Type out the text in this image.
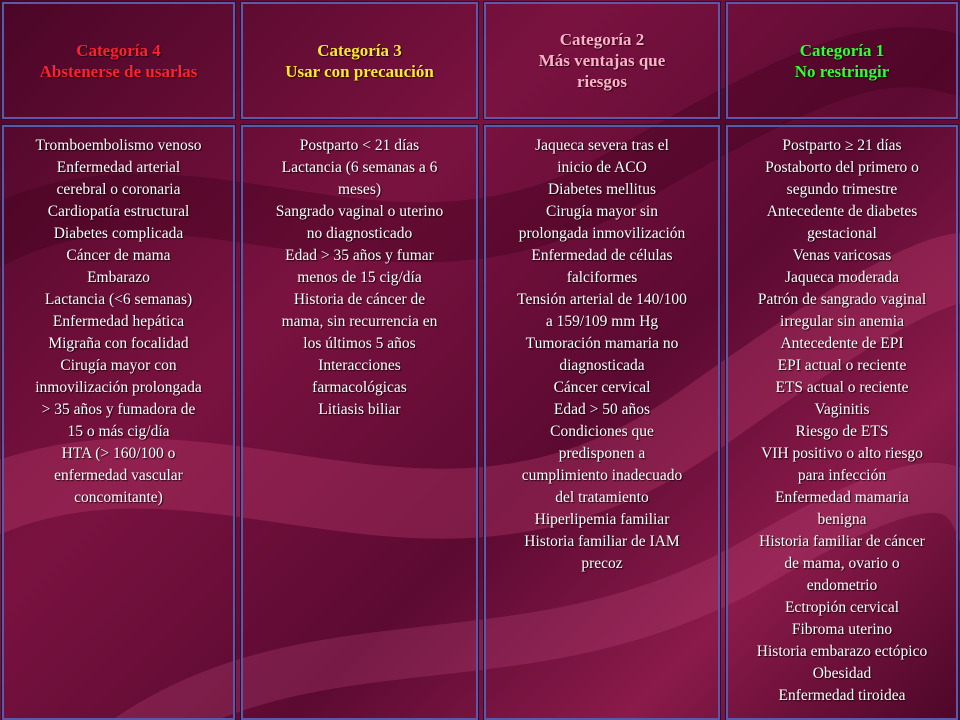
Categoría 4
Abstenerse de usarlas
Categoría 3
Usar con precaución
Categoría 2
Más ventajas que
riesgos
Categoría 1
No restringir
Tromboembolismo venoso
Enfermedad arterial
cerebral o coronaria
Cardiopatía estructural
Diabetes complicada
Cáncer de mama
Embarazo
Lactancia (<6 semanas)
Enfermedad hepática
Migraña con focalidad
Cirugía mayor con
inmovilización prolongada
> 35 años y fumadora de
15 o más cig/día
HTA (> 160/100 o
enfermedad vascular
concomitante)
Postparto < 21 días
Lactancia (6 semanas a 6
meses)
Sangrado vaginal o uterino
no diagnosticado
Edad > 35 años y fumar
menos de 15 cig/día
Historia de cáncer de
mama, sin recurrencia en
los últimos 5 años
Interacciones
farmacológicas
Litiasis biliar
Jaqueca severa tras el
inicio de ACO
Diabetes mellitus
Cirugía mayor sin
prolongada inmovilización
Enfermedad de células
falciformes
Tensión arterial de 140/100
a 159/109 mm Hg
Tumoración mamaria no
diagnosticada
Cáncer cervical
Edad > 50 años
Condiciones que
predisponen a
cumplimiento inadecuado
del tratamiento
Hiperlipemia familiar
Historia familiar de IAM
precoz
Postparto ≥ 21 días
Postaborto del primero o
segundo trimestre
Antecedente de diabetes
gestacional
Venas varicosas
Jaqueca moderada
Patrón de sangrado vaginal
irregular sin anemia
Antecedente de EPI
EPI actual o reciente
ETS actual o reciente
Vaginitis
Riesgo de ETS
VIH positivo o alto riesgo
para infección
Enfermedad mamaria
benigna
Historia familiar de cáncer
de mama, ovario o
endometrio
Ectropión cervical
Fibroma uterino
Historia embarazo ectópico
Obesidad
Enfermedad tiroidea
